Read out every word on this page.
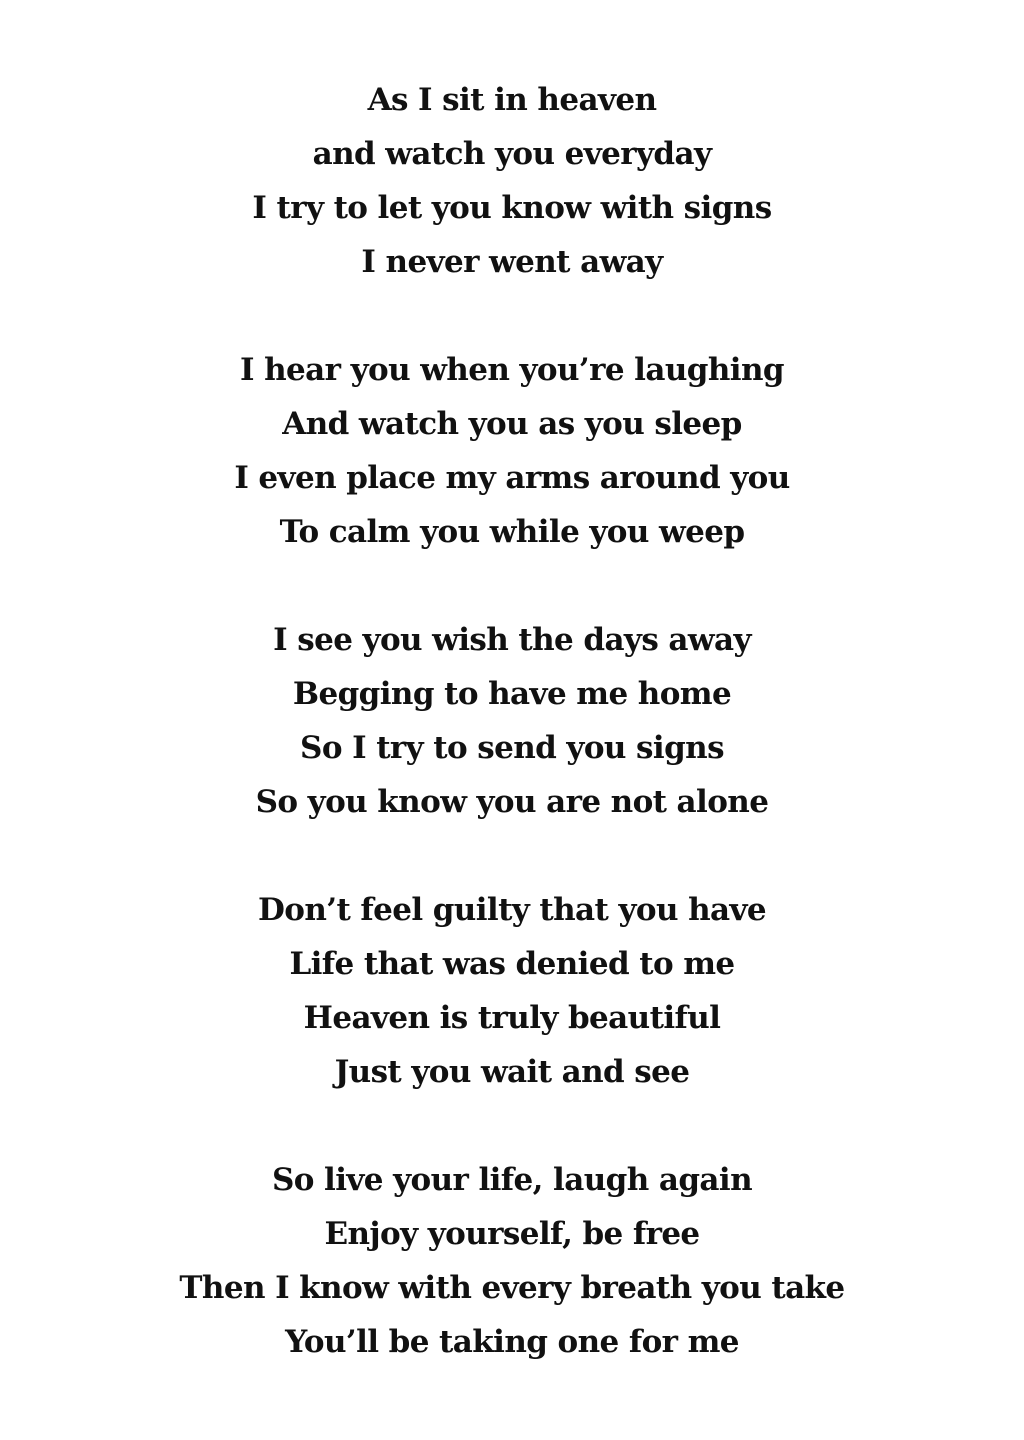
As I sit in heaven
and watch you everyday
I try to let you know with signs
I never went away
I hear you when you’re laughing
And watch you as you sleep
I even place my arms around you
To calm you while you weep
I see you wish the days away
Begging to have me home
So I try to send you signs
So you know you are not alone
Don’t feel guilty that you have
Life that was denied to me
Heaven is truly beautiful
Just you wait and see
So live your life, laugh again
Enjoy yourself, be free
Then I know with every breath you take
You’ll be taking one for me
